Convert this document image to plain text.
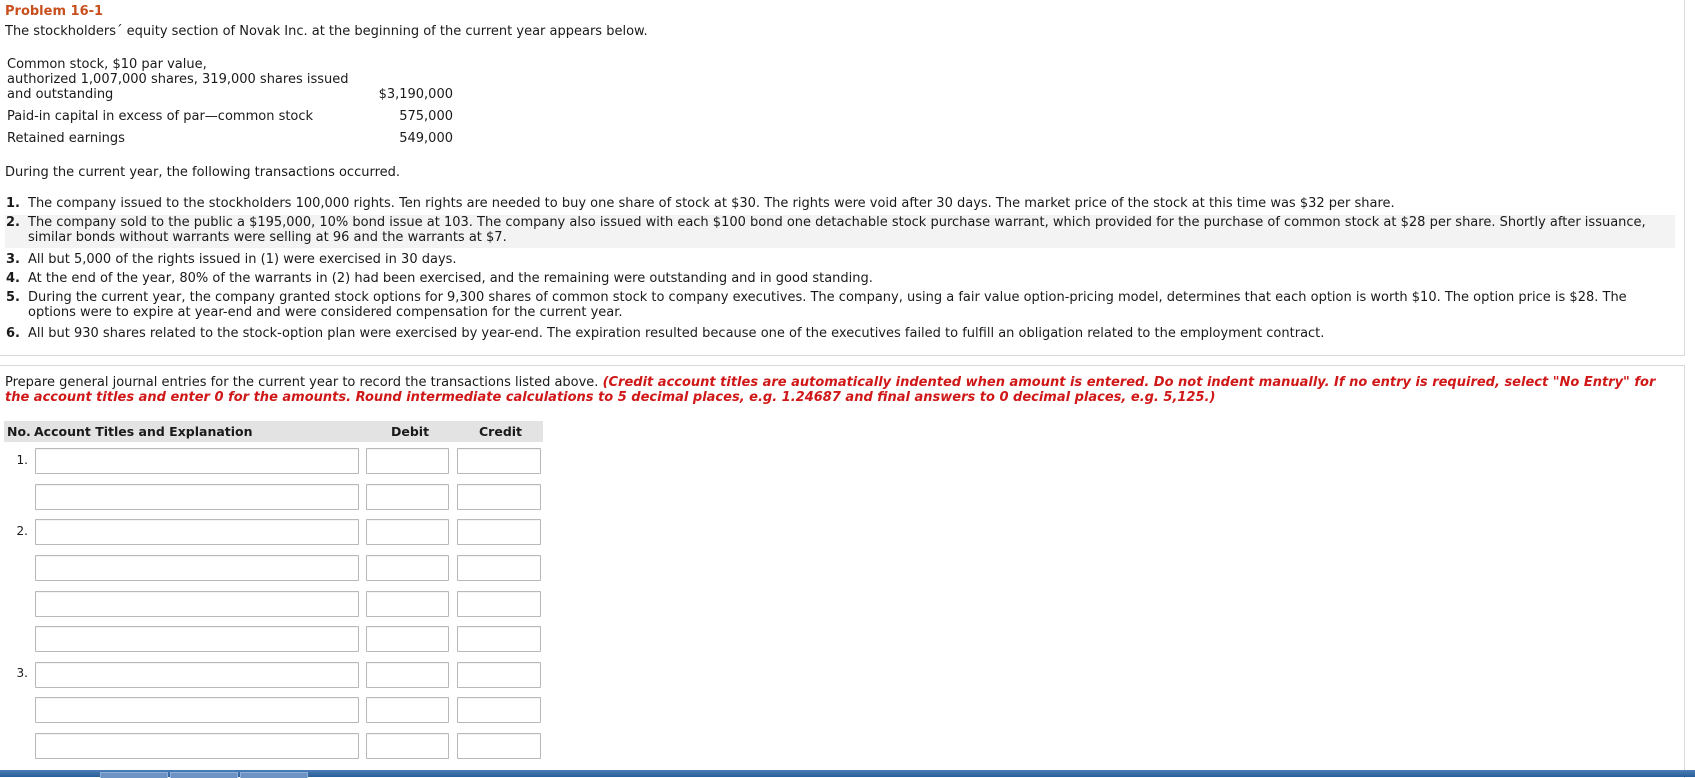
Problem 16-1
The stockholders´ equity section of Novak Inc. at the beginning of the current year appears below.
Common stock, $10 par value,
authorized 1,007,000 shares, 319,000 shares issued
and outstanding	$3,190,000
Paid-in capital in excess of par—common stock	575,000
Retained earnings	549,000
During the current year, the following transactions occurred.
1. The company issued to the stockholders 100,000 rights. Ten rights are needed to buy one share of stock at $30. The rights were void after 30 days. The market price of the stock at this time was $32 per share.
2. The company sold to the public a $195,000, 10% bond issue at 103. The company also issued with each $100 bond one detachable stock purchase warrant, which provided for the purchase of common stock at $28 per share. Shortly after issuance, similar bonds without warrants were selling at 96 and the warrants at $7.
3. All but 5,000 of the rights issued in (1) were exercised in 30 days.
4. At the end of the year, 80% of the warrants in (2) had been exercised, and the remaining were outstanding and in good standing.
5. During the current year, the company granted stock options for 9,300 shares of common stock to company executives. The company, using a fair value option-pricing model, determines that each option is worth $10. The option price is $28. The options were to expire at year-end and were considered compensation for the current year.
6. All but 930 shares related to the stock-option plan were exercised by year-end. The expiration resulted because one of the executives failed to fulfill an obligation related to the employment contract.
Prepare general journal entries for the current year to record the transactions listed above. (Credit account titles are automatically indented when amount is entered. Do not indent manually. If no entry is required, select "No Entry" for the account titles and enter 0 for the amounts. Round intermediate calculations to 5 decimal places, e.g. 1.24687 and final answers to 0 decimal places, e.g. 5,125.)
No. Account Titles and Explanation	Debit	Credit
1.
2.
3.
